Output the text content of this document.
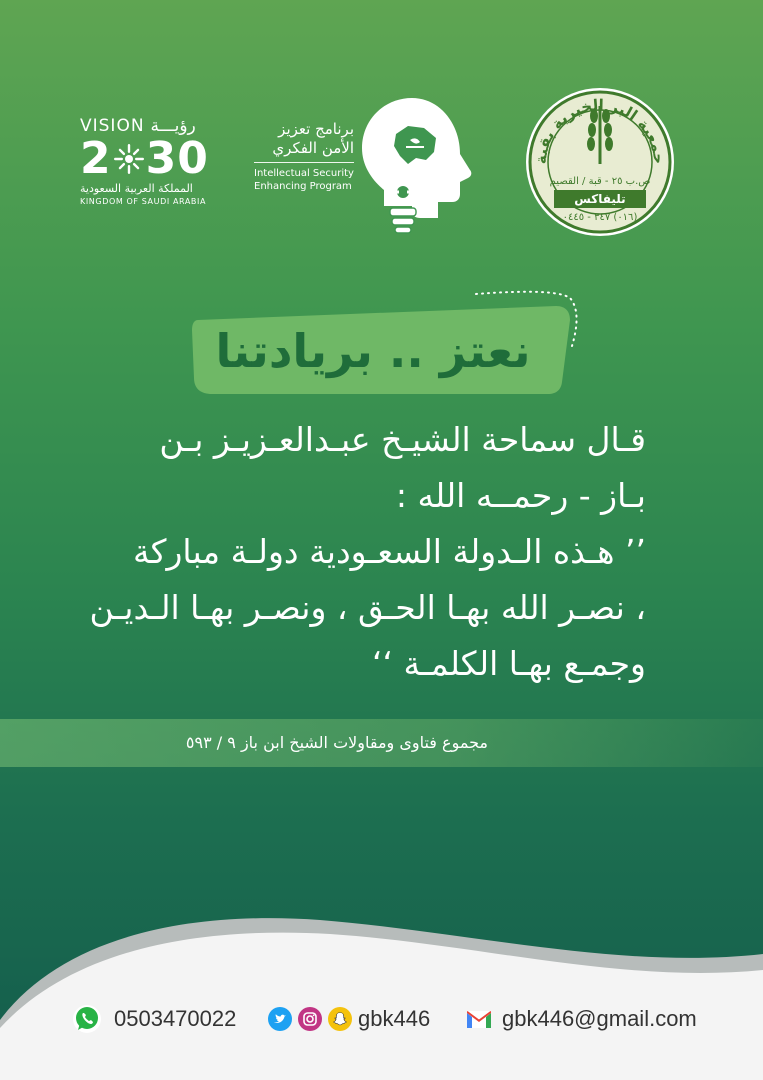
VISION رؤيـــة
2 30
المملكة العربية السعودية
KINGDOM OF SAUDI ARABIA
برنامج تعزيز
الأمن الفكري
Intellectual Security
Enhancing Program
جمعية البر الخيرية بقبة
ص.ب ٢٥ - قبة / القصيم
تليفاكس
٠١٦) ٣٤٧ - ٠٤٤٥)
نعتز .. بريادتنا
قـال سماحة الشيـخ عبـدالعـزيـز بـن
بـاز - رحمــه الله :
’’ هـذه الـدولة السعـودية دولـة مباركة
، نصـر الله بهـا الحـق ، ونصـر بهـا الـديـن
وجمـع بهـا الكلمـة ‘‘
مجموع فتاوى ومقاولات الشيخ ابن باز ٩ / ٥٩٣
0503470022	gbk446	gbk446@gmail.com
